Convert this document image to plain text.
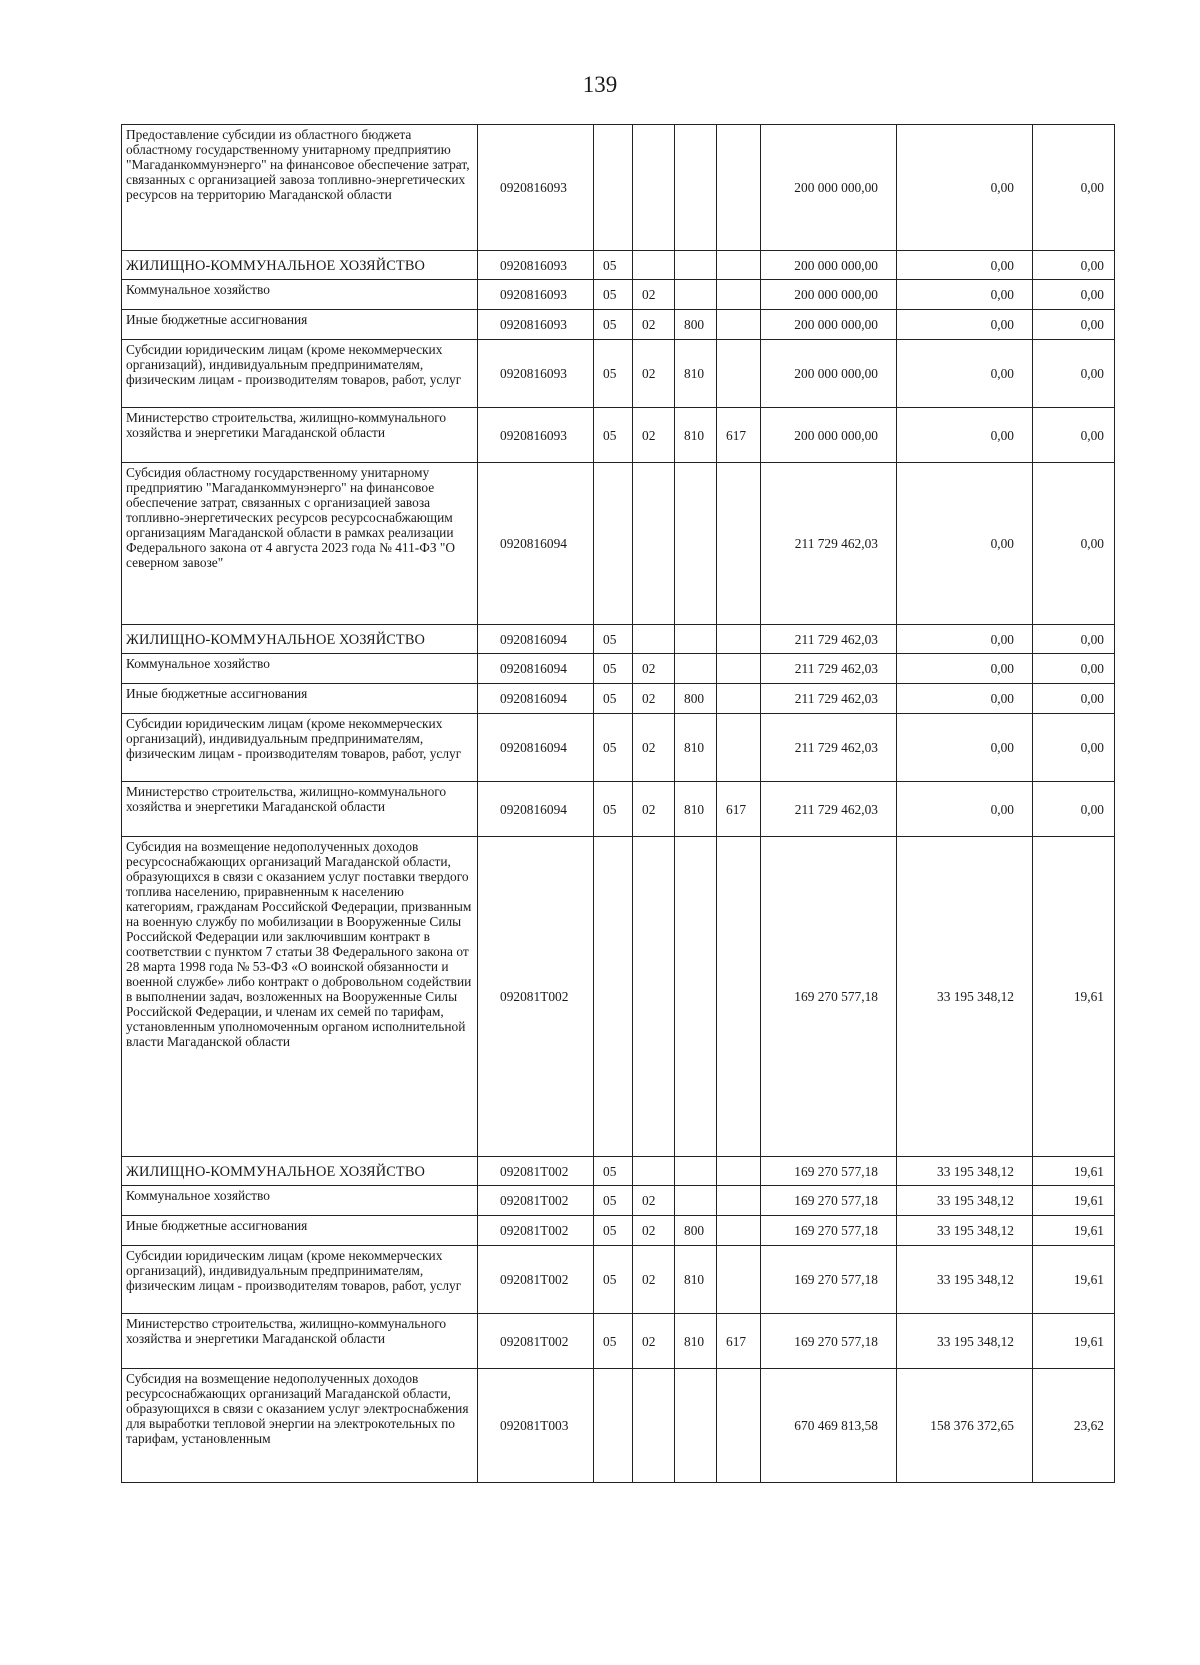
139
Предоставление субсидии из областного бюджета областному государственному унитарному предприятию "Магаданкоммунэнерго" на финансовое обеспечение затрат, связанных с организацией завоза топливно-энергетических ресурсов на территорию Магаданской области	0920816093					200 000 000,00	0,00	0,00
ЖИЛИЩНО-КОММУНАЛЬНОЕ ХОЗЯЙСТВО	0920816093	05				200 000 000,00	0,00	0,00
Коммунальное хозяйство	0920816093	05	02			200 000 000,00	0,00	0,00
Иные бюджетные ассигнования	0920816093	05	02	800		200 000 000,00	0,00	0,00
Субсидии юридическим лицам (кроме некоммерческих организаций), индивидуальным предпринимателям, физическим лицам - производителям товаров, работ, услуг	0920816093	05	02	810		200 000 000,00	0,00	0,00
Министерство строительства, жилищно-коммунального хозяйства и энергетики Магаданской области	0920816093	05	02	810	617	200 000 000,00	0,00	0,00
Субсидия областному государственному унитарному предприятию "Магаданкоммунэнерго" на финансовое обеспечение затрат, связанных с организацией завоза топливно-энергетических ресурсов ресурсоснабжающим организациям Магаданской области в рамках реализации Федерального закона от 4 августа 2023 года № 411-ФЗ "О северном завозе"	0920816094					211 729 462,03	0,00	0,00
ЖИЛИЩНО-КОММУНАЛЬНОЕ ХОЗЯЙСТВО	0920816094	05				211 729 462,03	0,00	0,00
Коммунальное хозяйство	0920816094	05	02			211 729 462,03	0,00	0,00
Иные бюджетные ассигнования	0920816094	05	02	800		211 729 462,03	0,00	0,00
Субсидии юридическим лицам (кроме некоммерческих организаций), индивидуальным предпринимателям, физическим лицам - производителям товаров, работ, услуг	0920816094	05	02	810		211 729 462,03	0,00	0,00
Министерство строительства, жилищно-коммунального хозяйства и энергетики Магаданской области	0920816094	05	02	810	617	211 729 462,03	0,00	0,00
Субсидия на возмещение недополученных доходов ресурсоснабжающих организаций Магаданской области, образующихся в связи с оказанием услуг поставки твердого топлива населению, приравненным к населению категориям, гражданам Российской Федерации, призванным на военную службу по мобилизации в Вооруженные Силы Российской Федерации или заключившим контракт в соответствии с пунктом 7 статьи 38 Федерального закона от 28 марта 1998 года № 53-ФЗ «О воинской обязанности и военной службе» либо контракт о добровольном содействии в выполнении задач, возложенных на Вооруженные Силы Российской Федерации, и членам их семей по тарифам, установленным уполномоченным органом исполнительной власти Магаданской области	092081T002					169 270 577,18	33 195 348,12	19,61
ЖИЛИЩНО-КОММУНАЛЬНОЕ ХОЗЯЙСТВО	092081T002	05				169 270 577,18	33 195 348,12	19,61
Коммунальное хозяйство	092081T002	05	02			169 270 577,18	33 195 348,12	19,61
Иные бюджетные ассигнования	092081T002	05	02	800		169 270 577,18	33 195 348,12	19,61
Субсидии юридическим лицам (кроме некоммерческих организаций), индивидуальным предпринимателям, физическим лицам - производителям товаров, работ, услуг	092081T002	05	02	810		169 270 577,18	33 195 348,12	19,61
Министерство строительства, жилищно-коммунального хозяйства и энергетики Магаданской области	092081T002	05	02	810	617	169 270 577,18	33 195 348,12	19,61
Субсидия на возмещение недополученных доходов ресурсоснабжающих организаций Магаданской области, образующихся в связи с оказанием услуг электроснабжения для выработки тепловой энергии на электрокотельных по тарифам, установленным	092081T003					670 469 813,58	158 376 372,65	23,62
